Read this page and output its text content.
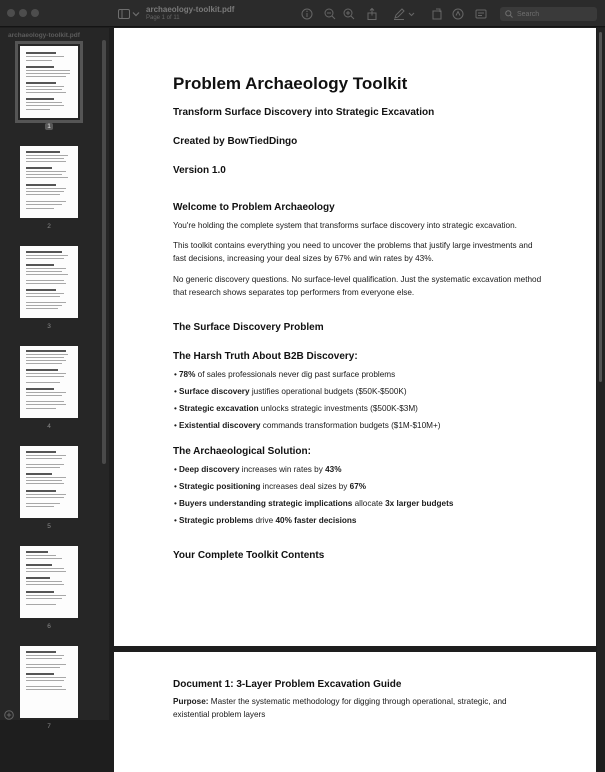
archaeology-toolkit.pdf
Page 1 of 11
Search
archaeology-toolkit.pdf
1
2
3
4
5
6
7
Problem Archaeology Toolkit
Transform Surface Discovery into Strategic Excavation
Created by BowTiedDingo
Version 1.0
Welcome to Problem Archaeology
You're holding the complete system that transforms surface discovery into strategic excavation.
This toolkit contains everything you need to uncover the problems that justify large investments and fast decisions, increasing your deal sizes by 67% and win rates by 43%.
No generic discovery questions. No surface-level qualification. Just the systematic excavation method that research shows separates top performers from everyone else.
The Surface Discovery Problem
The Harsh Truth About B2B Discovery:
• 78% of sales professionals never dig past surface problems
• Surface discovery justifies operational budgets ($50K-$500K)
• Strategic excavation unlocks strategic investments ($500K-$3M)
• Existential discovery commands transformation budgets ($1M-$10M+)
The Archaeological Solution:
• Deep discovery increases win rates by 43%
• Strategic positioning increases deal sizes by 67%
• Buyers understanding strategic implications allocate 3x larger budgets
• Strategic problems drive 40% faster decisions
Your Complete Toolkit Contents
Document 1: 3-Layer Problem Excavation Guide
Purpose: Master the systematic methodology for digging through operational, strategic, and existential problem layers
